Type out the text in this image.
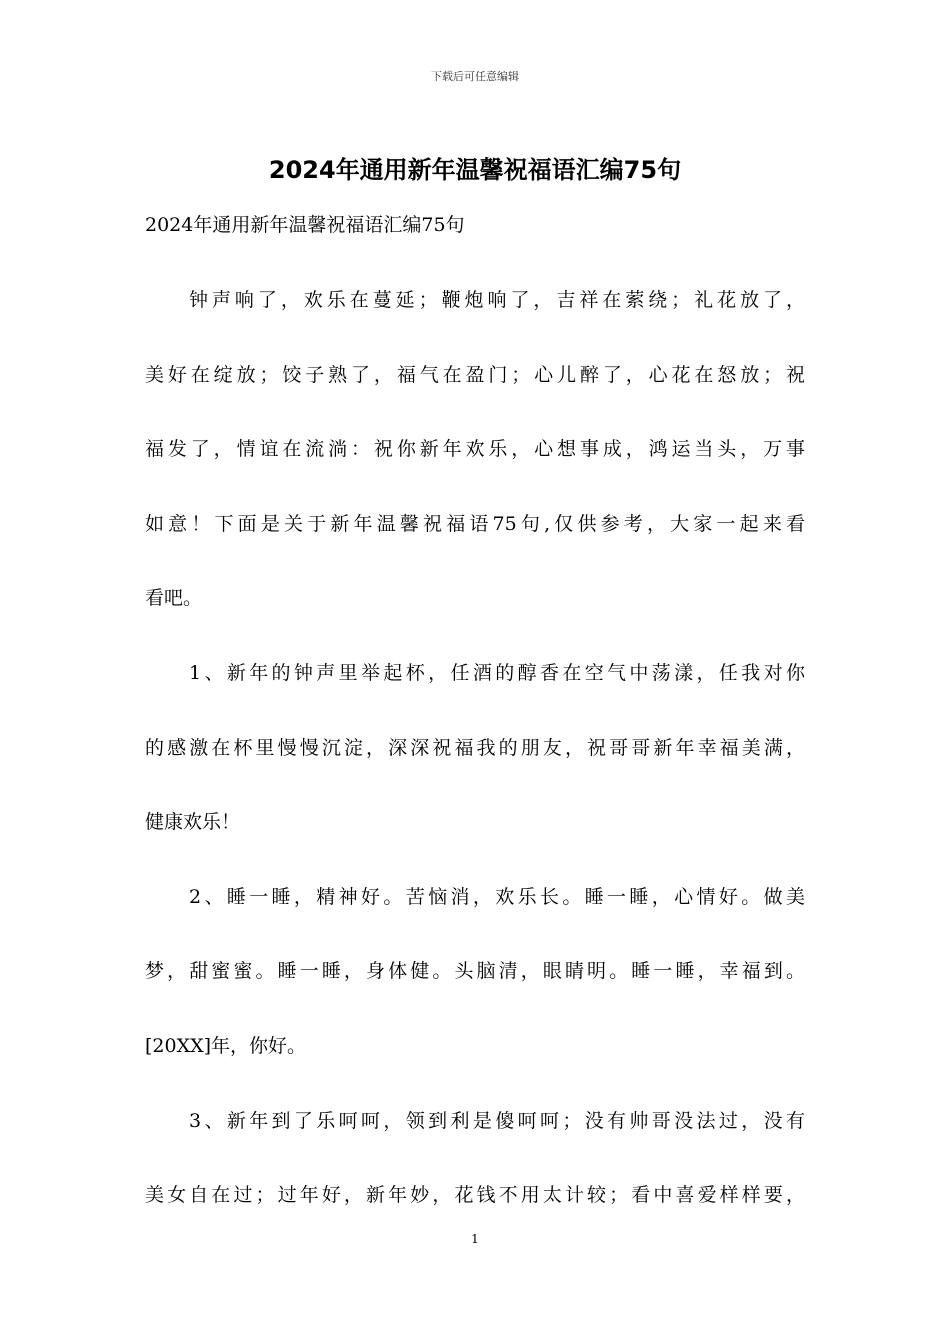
下载后可任意编辑
2024年通用新年温馨祝福语汇编75句
2024年通用新年温馨祝福语汇编75句
钟声响了，欢乐在蔓延；鞭炮响了，吉祥在萦绕；礼花放了，
美好在绽放；饺子熟了，福气在盈门；心儿醉了，心花在怒放；祝
福发了，情谊在流淌：祝你新年欢乐，心想事成，鸿运当头，万事
如意！下面是关于新年温馨祝福语75句,仅供参考，大家一起来看
看吧。
1、新年的钟声里举起杯，任酒的醇香在空气中荡漾，任我对你
的感激在杯里慢慢沉淀，深深祝福我的朋友，祝哥哥新年幸福美满，
健康欢乐！
2、睡一睡，精神好。苦恼消，欢乐长。睡一睡，心情好。做美
梦，甜蜜蜜。睡一睡，身体健。头脑清，眼睛明。睡一睡，幸福到。
[20XX]年，你好。
3、新年到了乐呵呵，领到利是傻呵呵；没有帅哥没法过，没有
美女自在过；过年好，新年妙，花钱不用太计较；看中喜爱样样要，
1
